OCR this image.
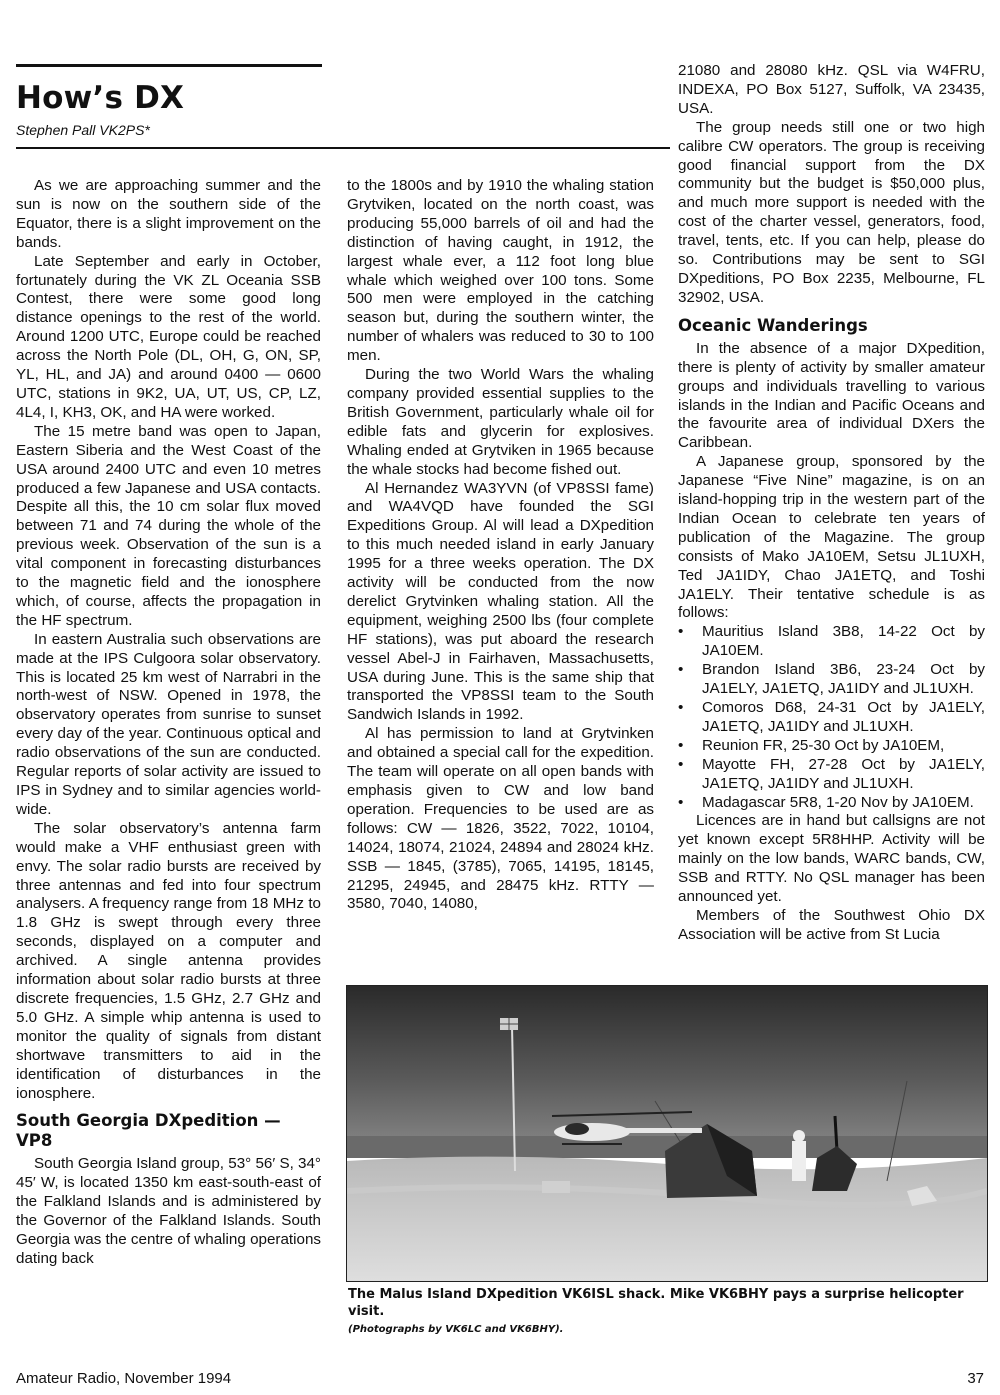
How’s DX
Stephen Pall VK2PS*

As we are approaching summer and the sun is now on the southern side of the Equator, there is a slight improvement on the bands.

Late September and early in October, fortunately during the VK ZL Oceania SSB Contest, there were some good long distance openings to the rest of the world. Around 1200 UTC, Europe could be reached across the North Pole (DL, OH, G, ON, SP, YL, HL, and JA) and around 0400 — 0600 UTC, stations in 9K2, UA, UT, US, CP, LZ, 4L4, I, KH3, OK, and HA were worked.

The 15 metre band was open to Japan, Eastern Siberia and the West Coast of the USA around 2400 UTC and even 10 metres produced a few Japanese and USA contacts. Despite all this, the 10 cm solar flux moved between 71 and 74 during the whole of the previous week. Observation of the sun is a vital component in forecasting disturbances to the magnetic field and the ionosphere which, of course, affects the propagation in the HF spectrum.

In eastern Australia such observations are made at the IPS Culgoora solar observatory. This is located 25 km west of Narrabri in the north-west of NSW. Opened in 1978, the observatory operates from sunrise to sunset every day of the year. Continuous optical and radio observations of the sun are conducted. Regular reports of solar activity are issued to IPS in Sydney and to similar agencies world-wide.

The solar observatory’s antenna farm would make a VHF enthusiast green with envy. The solar radio bursts are received by three antennas and fed into four spectrum analysers. A frequency range from 18 MHz to 1.8 GHz is swept through every three seconds, displayed on a computer and archived. A single antenna provides information about solar radio bursts at three discrete frequencies, 1.5 GHz, 2.7 GHz and 5.0 GHz. A simple whip antenna is used to monitor the quality of signals from distant shortwave transmitters to aid in the identification of disturbances in the ionosphere.

South Georgia DXpedition — VP8

South Georgia Island group, 53° 56′ S, 34° 45′ W, is located 1350 km east-south-east of the Falkland Islands and is administered by the Governor of the Falkland Islands. South Georgia was the centre of whaling operations dating back

to the 1800s and by 1910 the whaling station Grytviken, located on the north coast, was producing 55,000 barrels of oil and had the distinction of having caught, in 1912, the largest whale ever, a 112 foot long blue whale which weighed over 100 tons. Some 500 men were employed in the catching season but, during the southern winter, the number of whalers was reduced to 30 to 100 men.

During the two World Wars the whaling company provided essential supplies to the British Government, particularly whale oil for edible fats and glycerin for explosives. Whaling ended at Grytviken in 1965 because the whale stocks had become fished out.

Al Hernandez WA3YVN (of VP8SSI fame) and WA4VQD have founded the SGI Expeditions Group. Al will lead a DXpedition to this much needed island in early January 1995 for a three weeks operation. The DX activity will be conducted from the now derelict Grytvinken whaling station. All the equipment, weighing 2500 lbs (four complete HF stations), was put aboard the research vessel Abel-J in Fairhaven, Massachusetts, USA during June. This is the same ship that transported the VP8SSI team to the South Sandwich Islands in 1992.

Al has permission to land at Grytvinken and obtained a special call for the expedition. The team will operate on all open bands with emphasis given to CW and low band operation. Frequencies to be used are as follows: CW — 1826, 3522, 7022, 10104, 14024, 18074, 21024, 24894 and 28024 kHz. SSB — 1845, (3785), 7065, 14195, 18145, 21295, 24945, and 28475 kHz. RTTY — 3580, 7040, 14080,

21080 and 28080 kHz. QSL via W4FRU, INDEXA, PO Box 5127, Suffolk, VA 23435, USA.

The group needs still one or two high calibre CW operators. The group is receiving good financial support from the DX community but the budget is $50,000 plus, and much more support is needed with the cost of the charter vessel, generators, food, travel, tents, etc. If you can help, please do so. Contributions may be sent to SGI DXpeditions, PO Box 2235, Melbourne, FL 32902, USA.

Oceanic Wanderings

In the absence of a major DXpedition, there is plenty of activity by smaller amateur groups and individuals travelling to various islands in the Indian and Pacific Oceans and the favourite area of individual DXers the Caribbean.

A Japanese group, sponsored by the Japanese “Five Nine” magazine, is on an island-hopping trip in the western part of the Indian Ocean to celebrate ten years of publication of the Magazine. The group consists of Mako JA10EM, Setsu JL1UXH, Ted JA1IDY, Chao JA1ETQ, and Toshi JA1ELY. Their tentative schedule is as follows:

• Mauritius Island 3B8, 14-22 Oct by JA10EM.
• Brandon Island 3B6, 23-24 Oct by JA1ELY, JA1ETQ, JA1IDY and JL1UXH.
• Comoros D68, 24-31 Oct by JA1ELY, JA1ETQ, JA1IDY and JL1UXH.
• Reunion FR, 25-30 Oct by JA10EM,
• Mayotte FH, 27-28 Oct by JA1ELY, JA1ETQ, JA1IDY and JL1UXH.
• Madagascar 5R8, 1-20 Nov by JA10EM.

Licences are in hand but callsigns are not yet known except 5R8HHP. Activity will be mainly on the low bands, WARC bands, CW, SSB and RTTY. No QSL manager has been announced yet.

Members of the Southwest Ohio DX Association will be active from St Lucia

The Malus Island DXpedition VK6ISL shack. Mike VK6BHY pays a surprise helicopter visit.
(Photographs by VK6LC and VK6BHY).
Amateur Radio, November 1994	37
